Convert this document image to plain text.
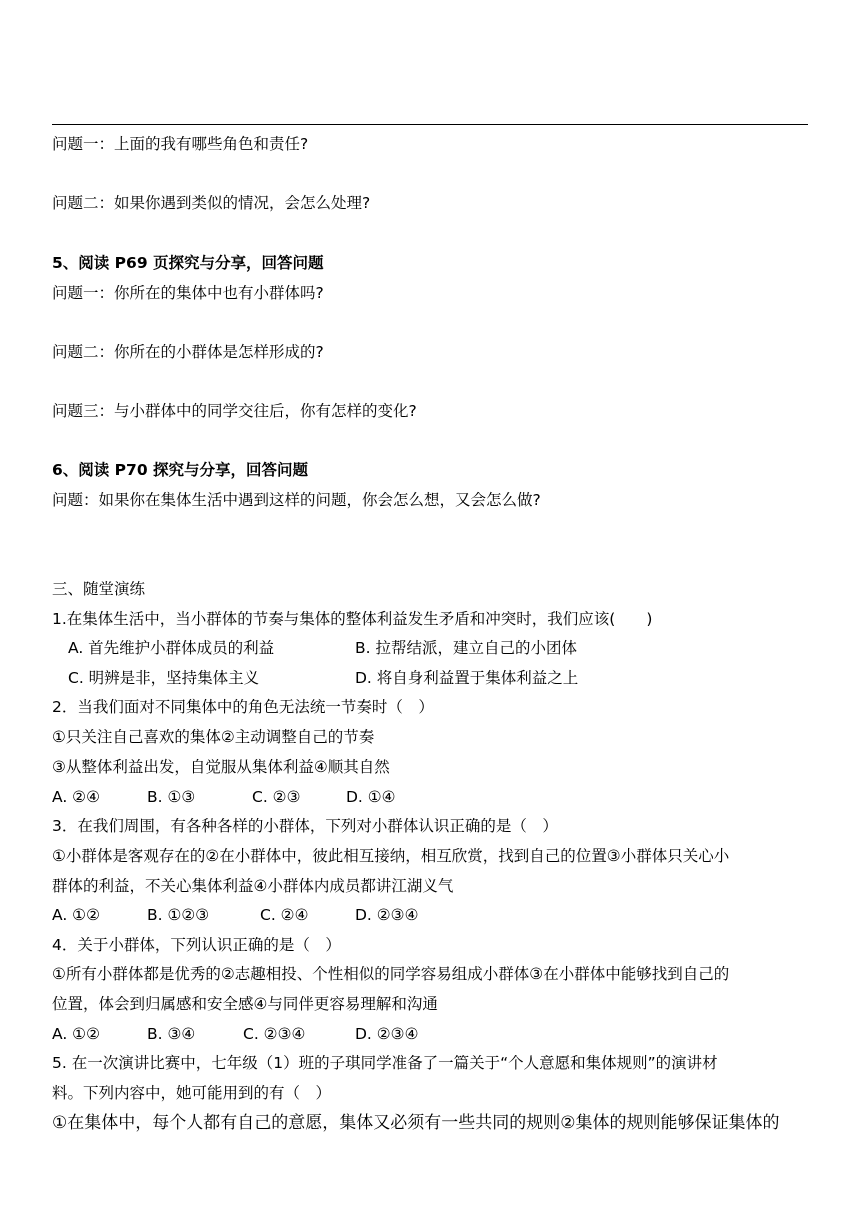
问题一：上面的我有哪些角色和责任?
问题二：如果你遇到类似的情况，会怎么处理?
5、阅读 P69 页探究与分享，回答问题
问题一：你所在的集体中也有小群体吗?
问题二：你所在的小群体是怎样形成的?
问题三：与小群体中的同学交往后，你有怎样的变化?
6、阅读 P70 探究与分享，回答问题
问题：如果你在集体生活中遇到这样的问题，你会怎么想，又会怎么做?
三、随堂演练
1.在集体生活中，当小群体的节奏与集体的整体利益发生矛盾和冲突时，我们应该(　　)
A. 首先维护小群体成员的利益	B. 拉帮结派，建立自己的小团体
C. 明辨是非，坚持集体主义	D. 将自身利益置于集体利益之上
2．当我们面对不同集体中的角色无法统一节奏时（　）
①只关注自己喜欢的集体②主动调整自己的节奏
③从整体利益出发，自觉服从集体利益④顺其自然
A. ②④	B. ①③	C. ②③	D. ①④
3．在我们周围，有各种各样的小群体，下列对小群体认识正确的是（　）
①小群体是客观存在的②在小群体中，彼此相互接纳，相互欣赏，找到自己的位置③小群体只关心小
群体的利益，不关心集体利益④小群体内成员都讲江湖义气
A. ①②	B. ①②③	C. ②④	D. ②③④
4．关于小群体，下列认识正确的是（　）
①所有小群体都是优秀的②志趣相投、个性相似的同学容易组成小群体③在小群体中能够找到自己的
位置，体会到归属感和安全感④与同伴更容易理解和沟通
A. ①②	B. ③④	C. ②③④	D. ②③④
5. 在一次演讲比赛中，七年级（1）班的子琪同学准备了一篇关于“个人意愿和集体规则”的演讲材
料。下列内容中，她可能用到的有（　）
①在集体中，每个人都有自己的意愿，集体又必须有一些共同的规则②集体的规则能够保证集体的
